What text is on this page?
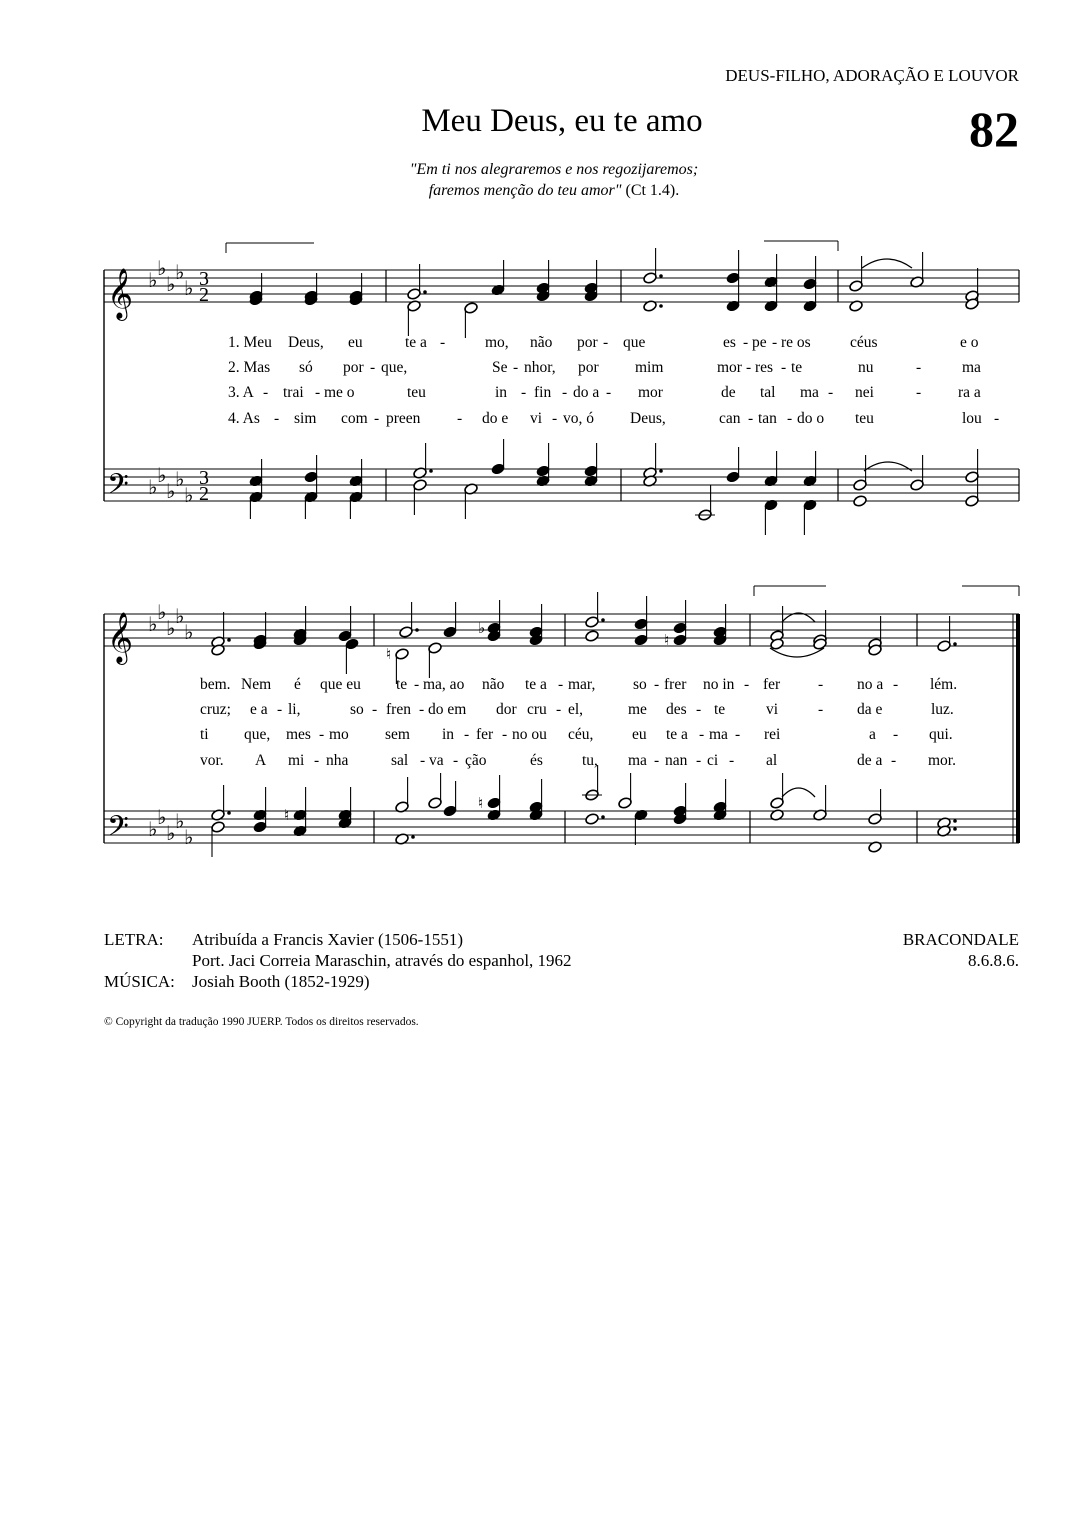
DEUS-FILHO, ADORAÇÃO E LOUVOR
Meu Deus, eu te amo	82
"Em ti nos alegraremos e nos regozijaremos;
faremos menção do teu amor" (Ct 1.4).
𝄞
𝄢
♭
♭
♭
♭
♭
♭
♭
♭
♭
♭
3
2
3
2
𝄞
𝄢
♭
♭
♭
♭
♭
♭
♭
♭
♭
♭
♮
♭
♮
♮
♮
1. Meu Deus, eu	te a -	mo, não por - que	es - pe - re os	céus	e o
2. Mas só por - que,	Se - nhor, por mim	mor - res - te	nu	-	ma
3. A - trai - me o	teu	in - fin - do a - mor	de tal ma - nei	- ra a
4. As - sim com - preen - do e vi - vo, ó Deus,	can - tan - do o teu	lou -
bem. Nem é que eu te - ma, ao não te a - mar, so - frer no in - fer - no a - lém.
cruz; e a - li,	so - fren - do em dor cru - el,	me des - te	vi	- da e	luz.
ti que, mes - mo sem in - fer - no ou céu, eu te a - ma - rei	a - qui.
vor. A mi - nha	sal - va - ção	és	tu, ma - nan - ci - al	de a - mor.
LETRA: Atribuída a Francis Xavier (1506-1551)
Port. Jaci Correia Maraschin, através do espanhol, 1962
MÚSICA: Josiah Booth (1852-1929)
BRACONDALE
8.6.8.6.
© Copyright da tradução 1990 JUERP. Todos os direitos reservados.
